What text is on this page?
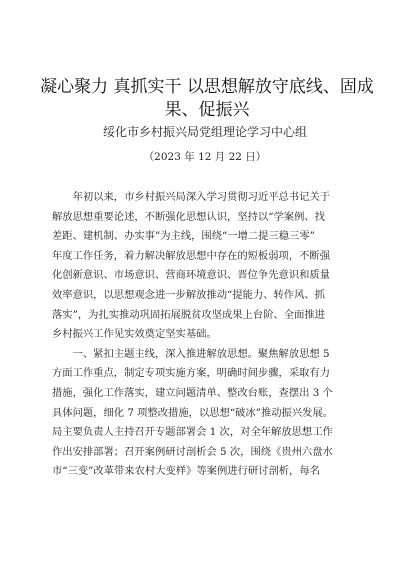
凝心聚力 真抓实干 以思想解放守底线、固成
果、促振兴
绥化市乡村振兴局党组理论学习中心组
（2023 年 12 月 22 日）
　　年初以来，市乡村振兴局深入学习贯彻习近平总书记关于
解放思想重要论述，不断强化思想认识，坚持以“学案例、找
差距、建机制、办实事”为主线，围绕“一增二提三稳三零”
年度工作任务，着力解决解放思想中存在的短板弱项，不断强
化创新意识、市场意识、营商环境意识、晋位争先意识和质量
效率意识，以思想观念进一步解放推动“提能力、转作风、抓
落实”，为扎实推动巩固拓展脱贫攻坚成果上台阶、全面推进
乡村振兴工作见实效奠定坚实基础。
　　一、紧扣主题主线，深入推进解放思想。聚焦解放思想 5
方面工作重点，制定专项实施方案，明确时间步骤，采取有力
措施，强化工作落实，建立问题清单、整改台账，查摆出 3 个
具体问题，细化 7 项整改措施，以思想“破冰”推动振兴发展。
局主要负责人主持召开专题部署会 1 次，对全年解放思想工作
作出安排部署；召开案例研讨剖析会 5 次，围绕《贵州六盘水
市“三变”改革带来农村大变样》等案例进行研讨剖析，每名
